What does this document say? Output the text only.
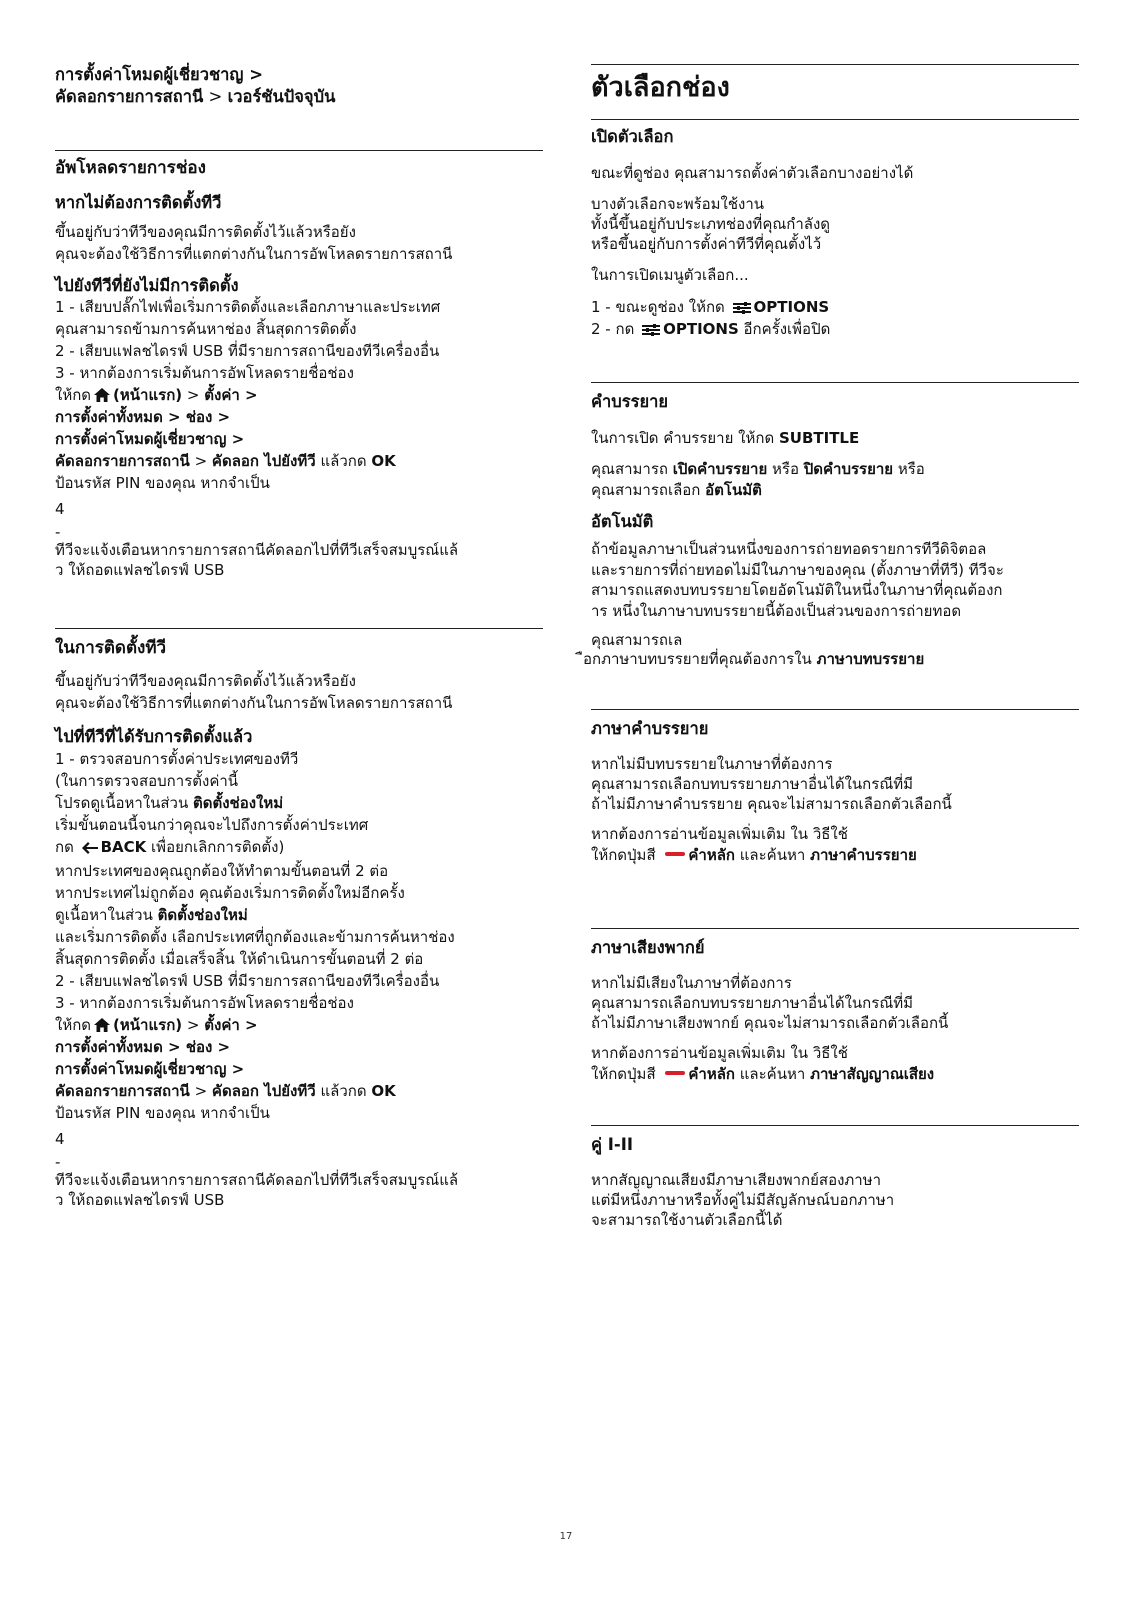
การตั้งค่าโหมดผู้เชี่ยวชาญ >
คัดลอกรายการสถานี > เวอร์ชันปัจจุบัน
อัพโหลดรายการช่อง
หากไม่ต้องการติดตั้งทีวี
ขึ้นอยู่กับว่าทีวีของคุณมีการติดตั้งไว้แล้วหรือยัง
คุณจะต้องใช้วิธีการที่แตกต่างกันในการอัพโหลดรายการสถานี
ไปยังทีวีที่ยังไม่มีการติดตั้ง
1 - เสียบปลั๊กไฟเพื่อเริ่มการติดตั้งและเลือกภาษาและประเทศ
คุณสามารถข้ามการค้นหาช่อง สิ้นสุดการติดตั้ง
2 - เสียบแฟลชไดรฟ์ USB ที่มีรายการสถานีของทีวีเครื่องอื่น
3 - หากต้องการเริ่มต้นการอัพโหลดรายชื่อช่อง
ให้กด (หน้าแรก) > ตั้งค่า >
การตั้งค่าทั้งหมด > ช่อง >
การตั้งค่าโหมดผู้เชี่ยวชาญ >
คัดลอกรายการสถานี > คัดลอก ไปยังทีวี แล้วกด OK
ป้อนรหัส PIN ของคุณ หากจำเป็น
4
-
ทีวีจะแจ้งเตือนหากรายการสถานีคัดลอกไปที่ทีวีเสร็จสมบูรณ์แล้
ว ให้ถอดแฟลชไดรฟ์ USB
ในการติดตั้งทีวี
ขึ้นอยู่กับว่าทีวีของคุณมีการติดตั้งไว้แล้วหรือยัง
คุณจะต้องใช้วิธีการที่แตกต่างกันในการอัพโหลดรายการสถานี
ไปที่ทีวีที่ได้รับการติดตั้งแล้ว
1 - ตรวจสอบการตั้งค่าประเทศของทีวี
(ในการตรวจสอบการตั้งค่านี้
โปรดดูเนื้อหาในส่วน ติดตั้งช่องใหม่
เริ่มขั้นตอนนี้จนกว่าคุณจะไปถึงการตั้งค่าประเทศ
กด BACK เพื่อยกเลิกการติดตั้ง)
หากประเทศของคุณถูกต้องให้ทำตามขั้นตอนที่ 2 ต่อ
หากประเทศไม่ถูกต้อง คุณต้องเริ่มการติดตั้งใหม่อีกครั้ง
ดูเนื้อหาในส่วน ติดตั้งช่องใหม่
และเริ่มการติดตั้ง เลือกประเทศที่ถูกต้องและข้ามการค้นหาช่อง
สิ้นสุดการติดตั้ง เมื่อเสร็จสิ้น ให้ดำเนินการขั้นตอนที่ 2 ต่อ
2 - เสียบแฟลชไดรฟ์ USB ที่มีรายการสถานีของทีวีเครื่องอื่น
3 - หากต้องการเริ่มต้นการอัพโหลดรายชื่อช่อง
ให้กด (หน้าแรก) > ตั้งค่า >
การตั้งค่าทั้งหมด > ช่อง >
การตั้งค่าโหมดผู้เชี่ยวชาญ >
คัดลอกรายการสถานี > คัดลอก ไปยังทีวี แล้วกด OK
ป้อนรหัส PIN ของคุณ หากจำเป็น
4
-
ทีวีจะแจ้งเตือนหากรายการสถานีคัดลอกไปที่ทีวีเสร็จสมบูรณ์แล้
ว ให้ถอดแฟลชไดรฟ์ USB
ตัวเลือกช่อง
เปิดตัวเลือก
ขณะที่ดูช่อง คุณสามารถตั้งค่าตัวเลือกบางอย่างได้
บางตัวเลือกจะพร้อมใช้งาน
ทั้งนี้ขึ้นอยู่กับประเภทช่องที่คุณกำลังดู
หรือขึ้นอยู่กับการตั้งค่าทีวีที่คุณตั้งไว้
ในการเปิดเมนูตัวเลือก...
1 - ขณะดูช่อง ให้กด
OPTIONS
2 - กด
OPTIONS อีกครั้งเพื่อปิด
คำบรรยาย
ในการเปิด คำบรรยาย ให้กด SUBTITLE
คุณสามารถ เปิดคำบรรยาย หรือ ปิดคำบรรยาย หรือ
คุณสามารถเลือก อัตโนมัติ
อัตโนมัติ
ถ้าข้อมูลภาษาเป็นส่วนหนึ่งของการถ่ายทอดรายการทีวีดิจิตอล
และรายการที่ถ่ายทอดไม่มีในภาษาของคุณ (ตั้งภาษาที่ทีวี) ทีวีจะ
สามารถแสดงบทบรรยายโดยอัตโนมัติในหนึ่งในภาษาที่คุณต้องก
าร หนึ่งในภาษาบทบรรยายนี้ต้องเป็นส่วนของการถ่ายทอด
คุณสามารถเล
ือกภาษาบทบรรยายที่คุณต้องการใน ภาษาบทบรรยาย
ภาษาคำบรรยาย
หากไม่มีบทบรรยายในภาษาที่ต้องการ
คุณสามารถเลือกบทบรรยายภาษาอื่นได้ในกรณีที่มี
ถ้าไม่มีภาษาคำบรรยาย คุณจะไม่สามารถเลือกตัวเลือกนี้
หากต้องการอ่านข้อมูลเพิ่มเติม ใน วิธีใช้
ให้กดปุ่มสี คำหลัก และค้นหา ภาษาคำบรรยาย
ภาษาเสียงพากย์
หากไม่มีเสียงในภาษาที่ต้องการ
คุณสามารถเลือกบทบรรยายภาษาอื่นได้ในกรณีที่มี
ถ้าไม่มีภาษาเสียงพากย์ คุณจะไม่สามารถเลือกตัวเลือกนี้
หากต้องการอ่านข้อมูลเพิ่มเติม ใน วิธีใช้
ให้กดปุ่มสี คำหลัก และค้นหา ภาษาสัญญาณเสียง
คู่ I-II
หากสัญญาณเสียงมีภาษาเสียงพากย์สองภาษา
แต่มีหนึ่งภาษาหรือทั้งคู่ไม่มีสัญลักษณ์บอกภาษา
จะสามารถใช้งานตัวเลือกนี้ได้
17
